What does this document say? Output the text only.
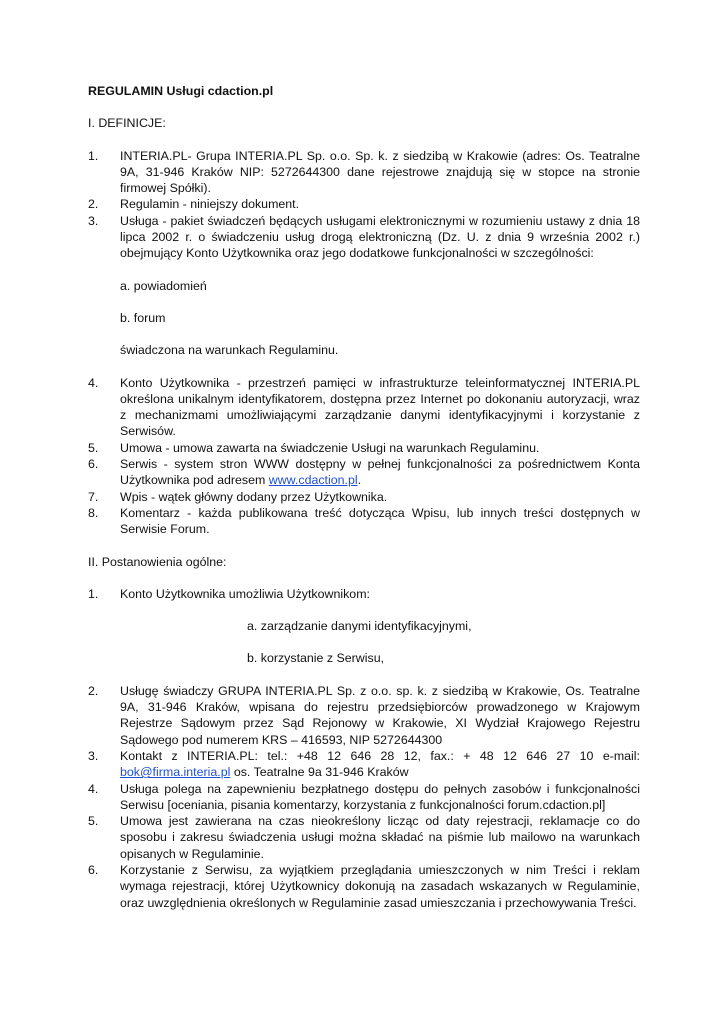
REGULAMIN Usługi cdaction.pl
I. DEFINICJE:
1.	INTERIA.PL- Grupa INTERIA.PL Sp. o.o. Sp. k. z siedzibą w Krakowie (adres: Os. Teatralne 9A, 31-946 Kraków NIP: 5272644300 dane rejestrowe znajdują się w stopce na stronie firmowej Spółki).
2.	Regulamin - niniejszy dokument.
3.	Usługa - pakiet świadczeń będących usługami elektronicznymi w rozumieniu ustawy z dnia 18 lipca 2002 r. o świadczeniu usług drogą elektroniczną (Dz. U. z dnia 9 września 2002 r.) obejmujący Konto Użytkownika oraz jego dodatkowe funkcjonalności w szczególności:
a. powiadomień
b. forum
świadczona na warunkach Regulaminu.
4.	Konto Użytkownika - przestrzeń pamięci w infrastrukturze teleinformatycznej INTERIA.PL określona unikalnym identyfikatorem, dostępna przez Internet po dokonaniu autoryzacji, wraz z mechanizmami umożliwiającymi zarządzanie danymi identyfikacyjnymi i korzystanie z Serwisów.
5.	Umowa - umowa zawarta na świadczenie Usługi na warunkach Regulaminu.
6.	Serwis - system stron WWW dostępny w pełnej funkcjonalności za pośrednictwem Konta Użytkownika pod adresem www.cdaction.pl.
7.	Wpis - wątek główny dodany przez Użytkownika.
8.	Komentarz - każda publikowana treść dotycząca Wpisu, lub innych treści dostępnych w Serwisie Forum.
II. Postanowienia ogólne:
1.	Konto Użytkownika umożliwia Użytkownikom:
a. zarządzanie danymi identyfikacyjnymi,
b. korzystanie z Serwisu,
2.	Usługę świadczy GRUPA INTERIA.PL Sp. z o.o. sp. k. z siedzibą w Krakowie, Os. Teatralne 9A, 31-946 Kraków, wpisana do rejestru przedsiębiorców prowadzonego w Krajowym Rejestrze Sądowym przez Sąd Rejonowy w Krakowie, XI Wydział Krajowego Rejestru Sądowego pod numerem KRS – 416593, NIP 5272644300
3.	Kontakt z INTERIA.PL: tel.: +48 12 646 28 12, fax.: + 48 12 646 27 10 e-mail: bok@firma.interia.pl os. Teatralne 9a 31-946 Kraków
4.	Usługa polega na zapewnieniu bezpłatnego dostępu do pełnych zasobów i funkcjonalności Serwisu [oceniania, pisania komentarzy, korzystania z funkcjonalności forum.cdaction.pl]
5.	Umowa jest zawierana na czas nieokreślony licząc od daty rejestracji, reklamacje co do sposobu i zakresu świadczenia usługi można składać na piśmie lub mailowo na warunkach opisanych w Regulaminie.
6.	Korzystanie z Serwisu, za wyjątkiem przeglądania umieszczonych w nim Treści i reklam wymaga rejestracji, której Użytkownicy dokonują na zasadach wskazanych w Regulaminie, oraz uwzględnienia określonych w Regulaminie zasad umieszczania i przechowywania Treści.
